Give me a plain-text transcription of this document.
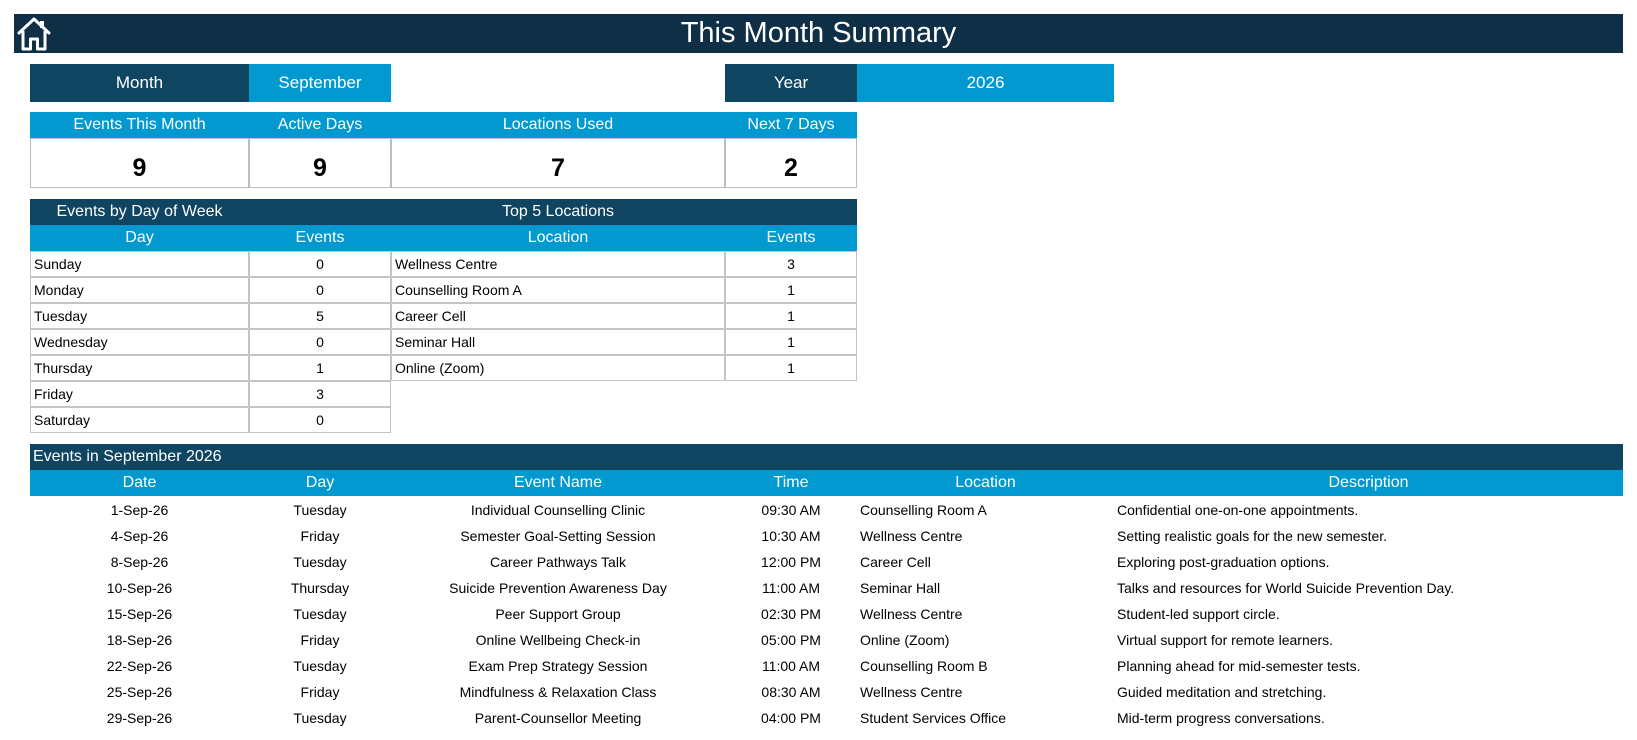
This Month Summary
Month	September	Year	2026
Events This Month	Active Days	Locations Used	Next 7 Days
9	9	7	2
Events by Day of Week	Top 5 Locations
Day	Events	Location	Events
Sunday	0
Monday	0
Tuesday	5
Wednesday	0
Thursday	1
Friday	3
Saturday	0
Wellness Centre	3
Counselling Room A	1
Career Cell	1
Seminar Hall	1
Online (Zoom)	1
Events in September 2026
Date	Day	Event Name	Time	Location	Description
1-Sep-26	Tuesday	Individual Counselling Clinic	09:30 AM	Counselling Room A	Confidential one-on-one appointments.
4-Sep-26	Friday	Semester Goal-Setting Session	10:30 AM	Wellness Centre	Setting realistic goals for the new semester.
8-Sep-26	Tuesday	Career Pathways Talk	12:00 PM	Career Cell	Exploring post-graduation options.
10-Sep-26	Thursday	Suicide Prevention Awareness Day	11:00 AM	Seminar Hall	Talks and resources for World Suicide Prevention Day.
15-Sep-26	Tuesday	Peer Support Group	02:30 PM	Wellness Centre	Student-led support circle.
18-Sep-26	Friday	Online Wellbeing Check-in	05:00 PM	Online (Zoom)	Virtual support for remote learners.
22-Sep-26	Tuesday	Exam Prep Strategy Session	11:00 AM	Counselling Room B	Planning ahead for mid-semester tests.
25-Sep-26	Friday	Mindfulness & Relaxation Class	08:30 AM	Wellness Centre	Guided meditation and stretching.
29-Sep-26	Tuesday	Parent-Counsellor Meeting	04:00 PM	Student Services Office	Mid-term progress conversations.
